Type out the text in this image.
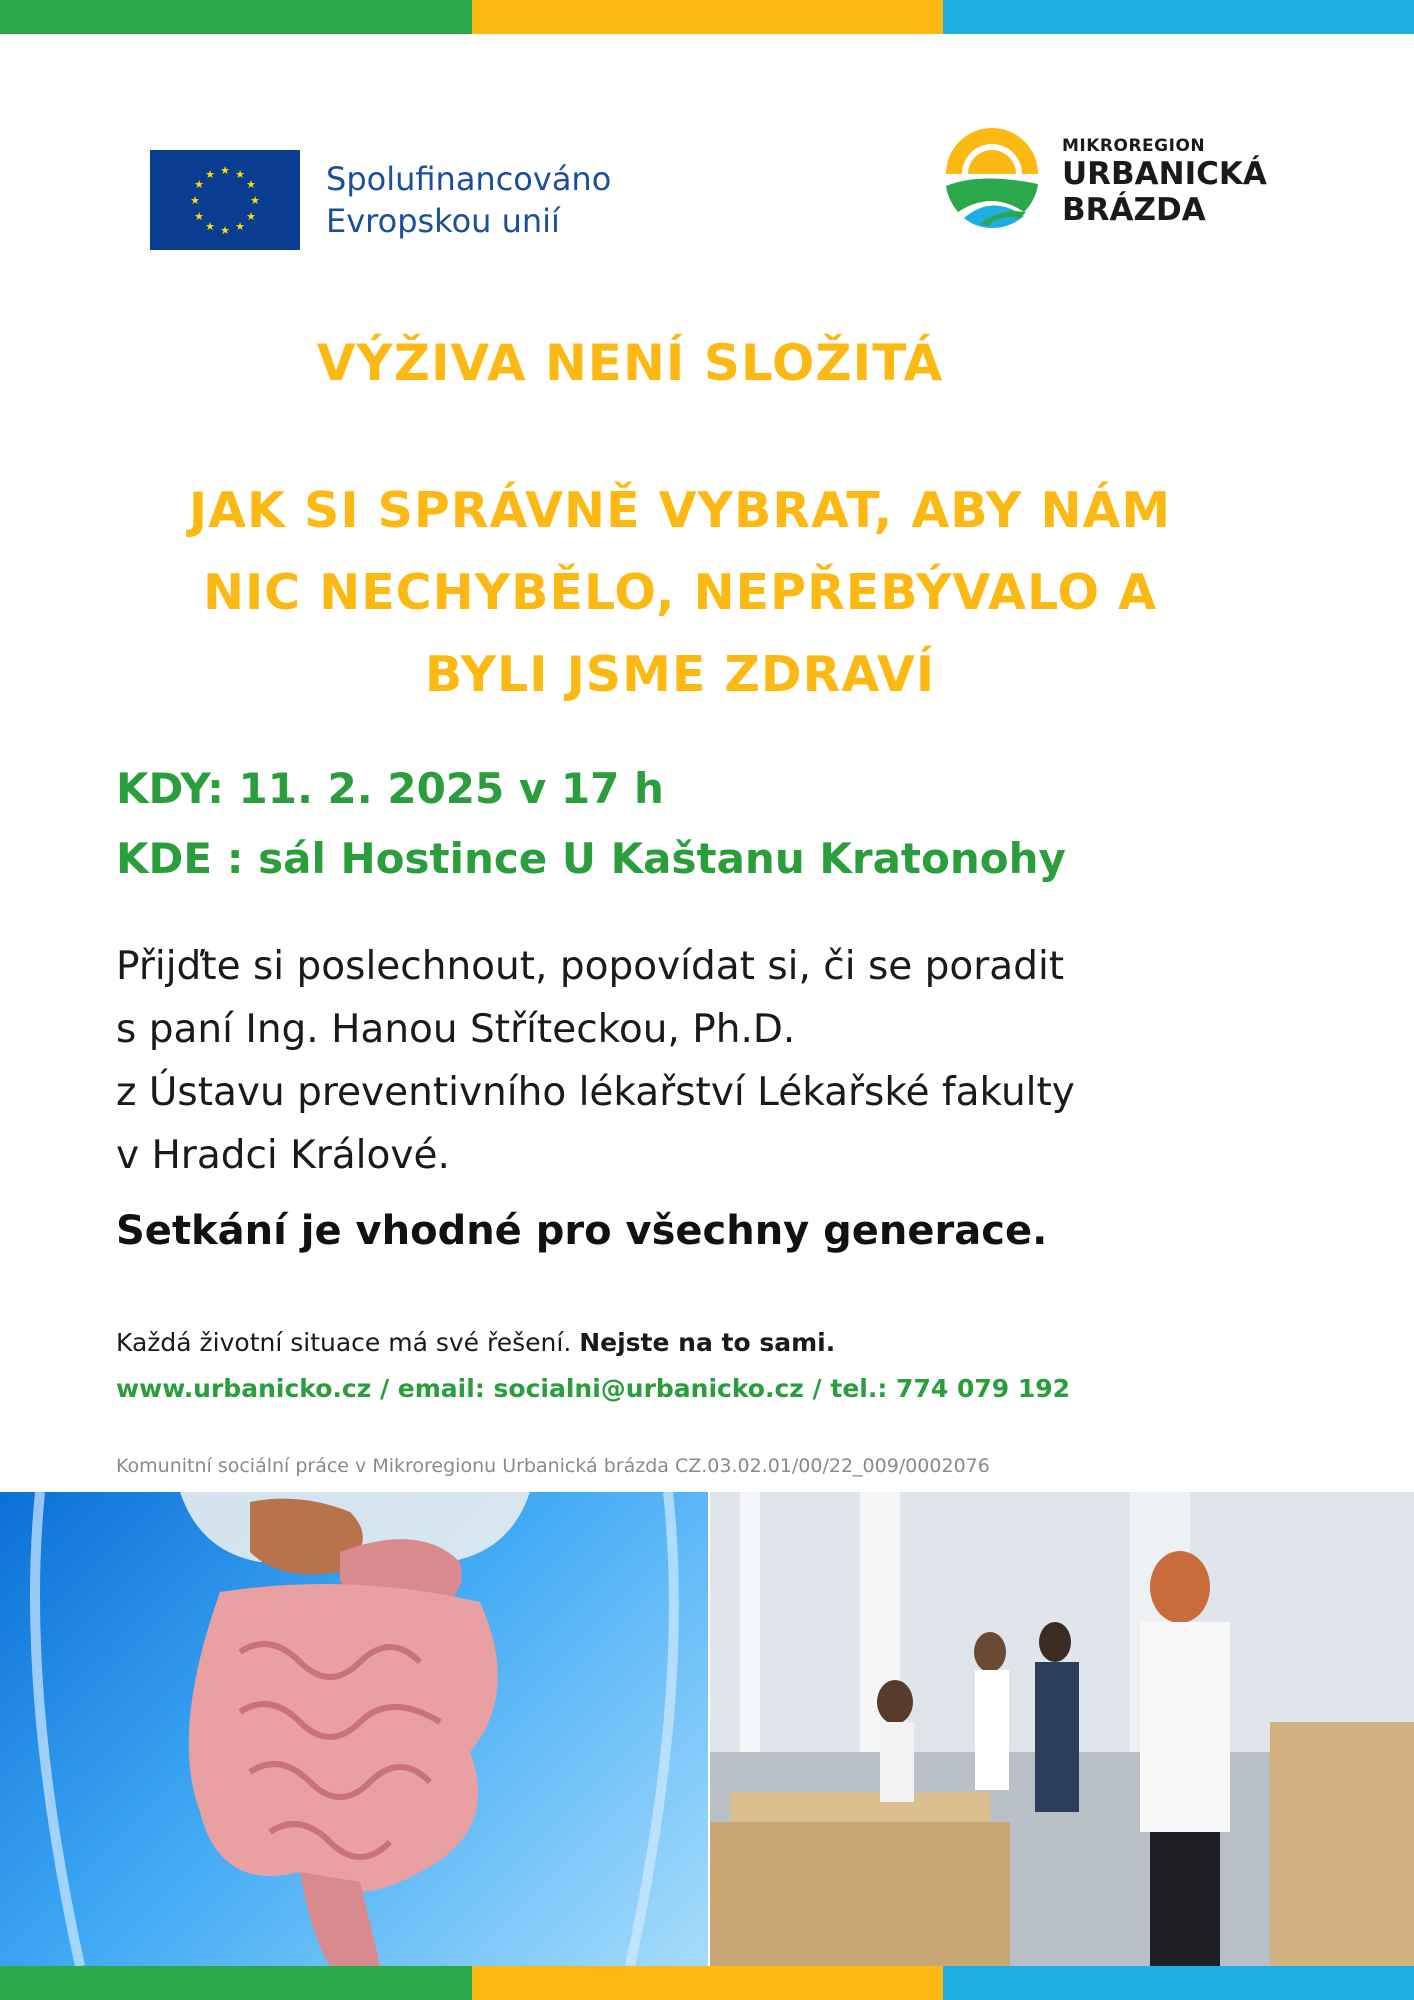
★ ★
★
★
★
★
★
★
★
★
★
★	Spolufinancováno
Evropskou unií
MIKROREGION
URBANICKÁ
BRÁZDA
VÝŽIVA NENÍ SLOŽITÁ
JAK SI SPRÁVNĚ VYBRAT, ABY NÁM
NIC NECHYBĚLO, NEPŘEBÝVALO A
BYLI JSME ZDRAVÍ
KDY: 11. 2. 2025 v 17 h
KDE : sál Hostince U Kaštanu Kratonohy
Přijďte si poslechnout, popovídat si, či se poradit
s paní Ing. Hanou Stříteckou, Ph.D.
z Ústavu preventivního lékařství Lékařské fakulty
v Hradci Králové.
Setkání je vhodné pro všechny generace.
Každá životní situace má své řešení. Nejste na to sami.
www.urbanicko.cz / email: socialni@urbanicko.cz / tel.: 774 079 192
Komunitní sociální práce v Mikroregionu Urbanická brázda CZ.03.02.01/00/22_009/0002076
